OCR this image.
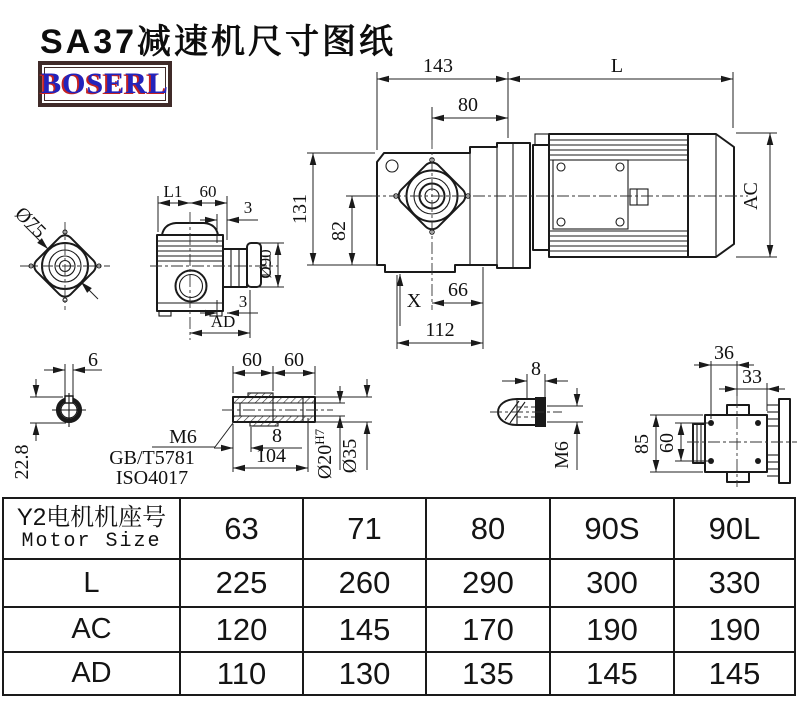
SA37减速机尺寸图纸
BOSERL
143	L
80
131
82
AC
X 66
112
Ø75
L1 60
3
Ø90
3
AD
6
22.8
60 60
8
104
M6
GB/T5781
ISO4017	$Ø20^{H7}$
Ø35
8
M6
36
33
85 60
Y2电机机座号
Motor Size	63	71	80	90S	90L
L	225	260	290	300	330
AC	120	145	170	190	190
AD	110	130	135	145	145
